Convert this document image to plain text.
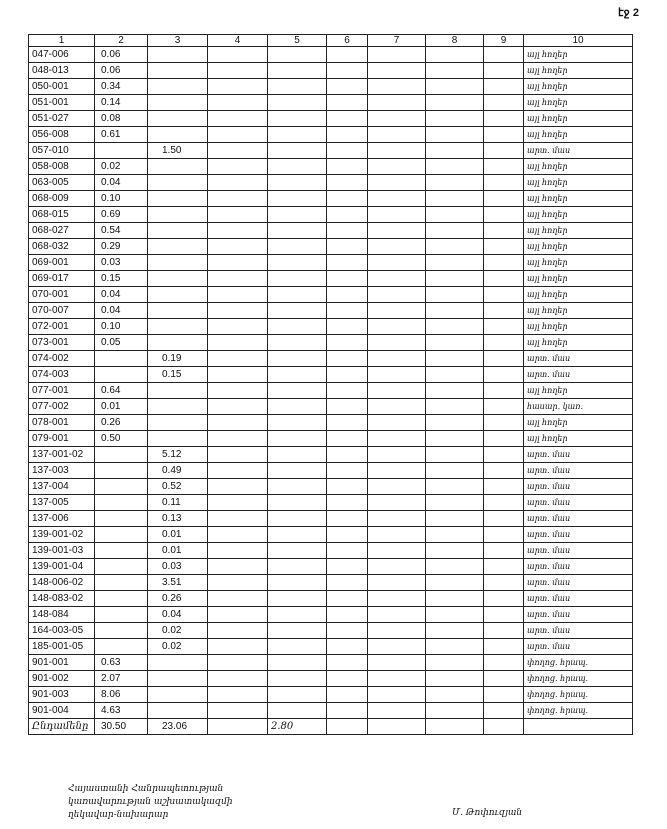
էջ 2
1	2	3	4	5	6	7	8	9	10
047-006	0.06								այլ հողեր
048-013	0.06								այլ հողեր
050-001	0.34								այլ հողեր
051-001	0.14								այլ հողեր
051-027	0.08								այլ հողեր
056-008	0.61								այլ հողեր
057-010		1.50							արտ. մաս
058-008	0.02								այլ հողեր
063-005	0.04								այլ հողեր
068-009	0.10								այլ հողեր
068-015	0.69								այլ հողեր
068-027	0.54								այլ հողեր
068-032	0.29								այլ հողեր
069-001	0.03								այլ հողեր
069-017	0.15								այլ հողեր
070-001	0.04								այլ հողեր
070-007	0.04								այլ հողեր
072-001	0.10								այլ հողեր
073-001	0.05								այլ հողեր
074-002		0.19							արտ. մաս
074-003		0.15							արտ. մաս
077-001	0.64								այլ հողեր
077-002	0.01								հասար. կառ.
078-001	0.26								այլ հողեր
079-001	0.50								այլ հողեր
137-001-02		5.12							արտ. մաս
137-003		0.49							արտ. մաս
137-004		0.52							արտ. մաս
137-005		0.11							արտ. մաս
137-006		0.13							արտ. մաս
139-001-02		0.01							արտ. մաս
139-001-03		0.01							արտ. մաս
139-001-04		0.03							արտ. մաս
148-006-02		3.51							արտ. մաս
148-083-02		0.26							արտ. մաս
148-084		0.04							արտ. մաս
164-003-05		0.02							արտ. մաս
185-001-05		0.02							արտ. մաս
901-001	0.63								փողոց. հրապ.
901-002	2.07								փողոց. հրապ.
901-003	8.06								փողոց. հրապ.
901-004	4.63								փողոց. հրապ.
Ընդամենը	30.50	23.06		2.80					
Հայաստանի Հանրապետության
կառավարության աշխատակազմի
ղեկավար-նախարար	Մ. Թոփուզյան
